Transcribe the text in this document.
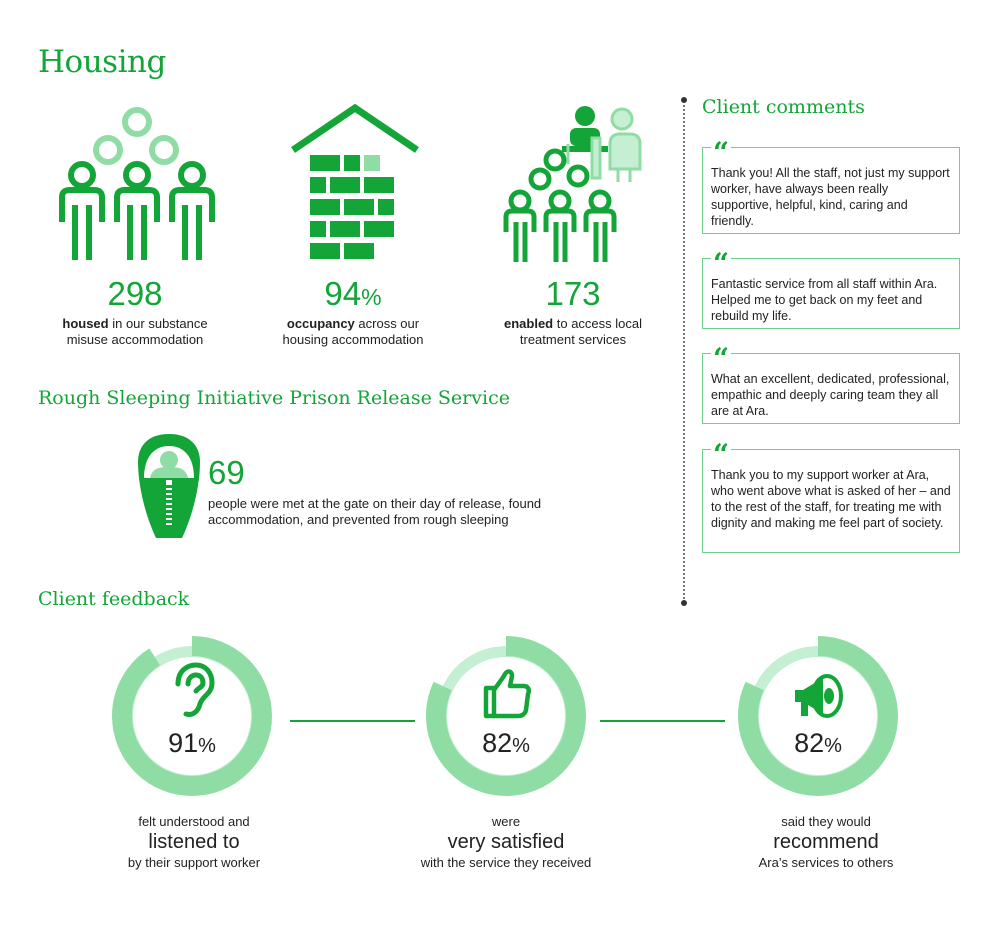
Housing
298
housed in our substance
misuse accommodation
94%
occupancy across our
housing accommodation
173
enabled to access local
treatment services
Rough Sleeping Initiative Prison Release Service
69
people were met at the gate on their day of release, found accommodation, and prevented from rough sleeping
Client comments
“

Thank you! All the staff, not just my support worker, have always been really supportive, helpful, kind, caring and friendly.

“

Fantastic service from all staff within Ara. Helped me to get back on my feet and rebuild my life.

“

What an excellent, dedicated, professional, empathic and deeply caring team they all are at Ara.

“

Thank you to my support worker at Ara, who went above what is asked of her – and to the rest of the staff, for treating me with dignity and making me feel part of society.

Client feedback
91%	82%	82%
felt understood and
listened to
by their support worker
were
very satisfied
with the service they received
said they would
recommend
Ara’s services to others
